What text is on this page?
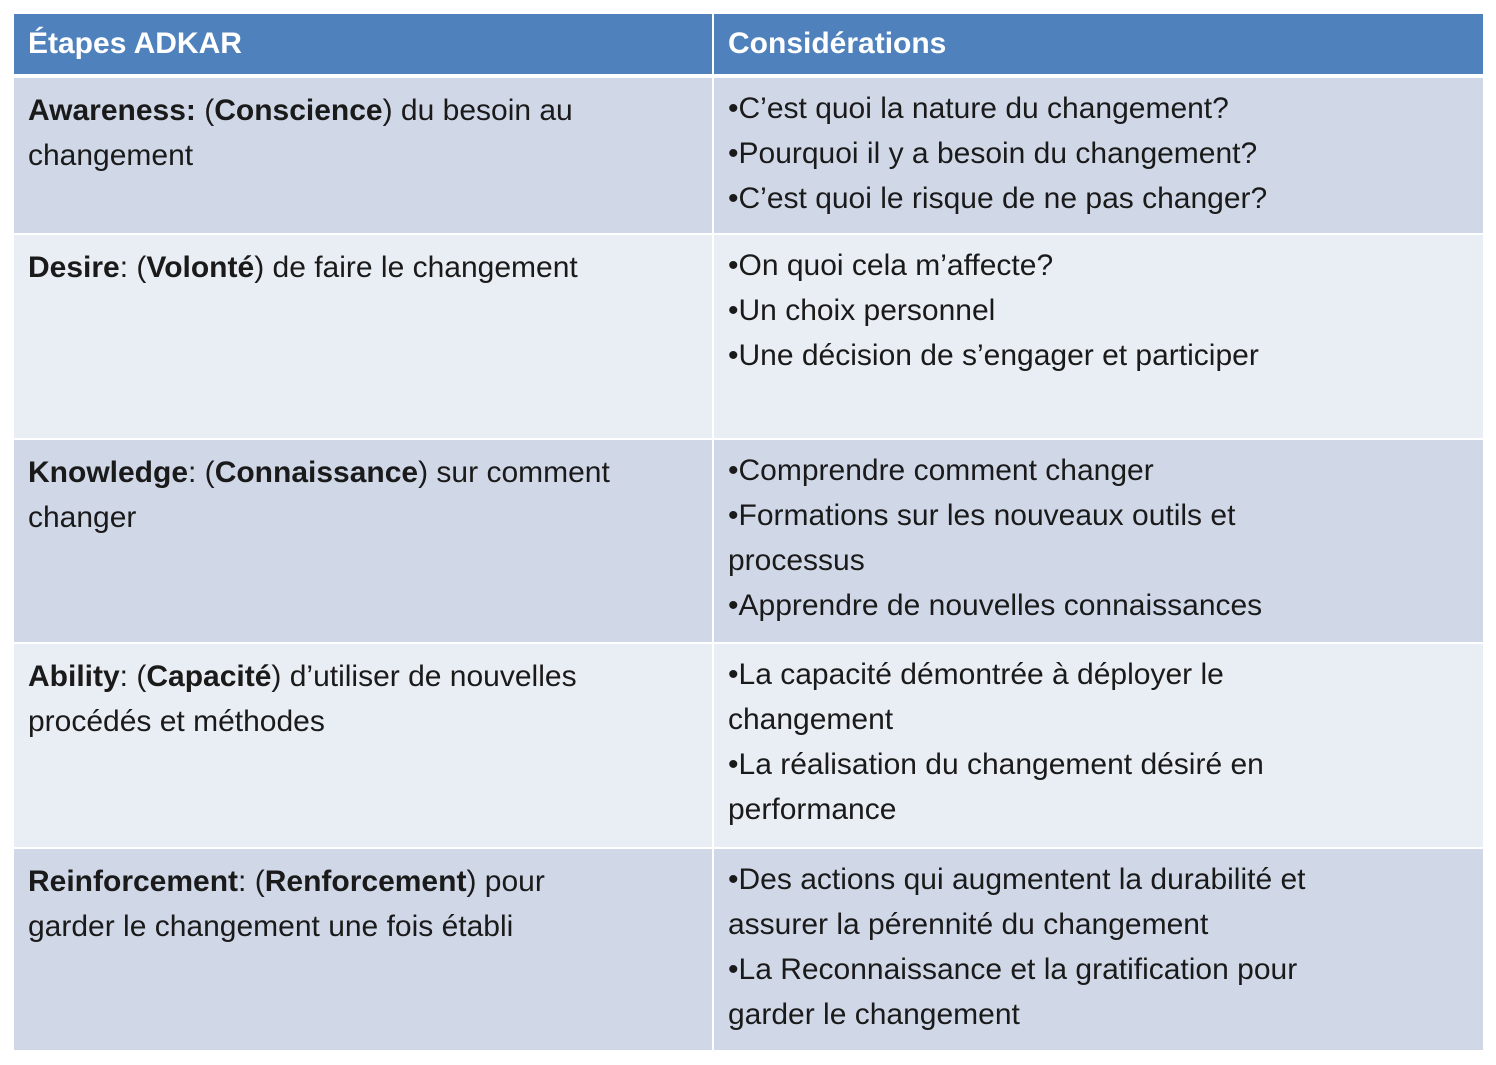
Étapes ADKAR	Considérations

Awareness: (Conscience) du besoin au
changement	•C’est quoi la nature du changement?
•Pourquoi il y a besoin du changement?
•C’est quoi le risque de ne pas changer?

Desire: (Volonté) de faire le changement	•On quoi cela m’affecte?
•Un choix personnel
•Une décision de s’engager et participer

Knowledge: (Connaissance) sur comment
changer	•Comprendre comment changer
•Formations sur les nouveaux outils et
processus
•Apprendre de nouvelles connaissances

Ability: (Capacité) d’utiliser de nouvelles
procédés et méthodes	•La capacité démontrée à déployer le
changement
•La réalisation du changement désiré en
performance

Reinforcement: (Renforcement) pour
garder le changement une fois établi	•Des actions qui augmentent la durabilité et
assurer la pérennité du changement
•La Reconnaissance et la gratification pour
garder le changement
